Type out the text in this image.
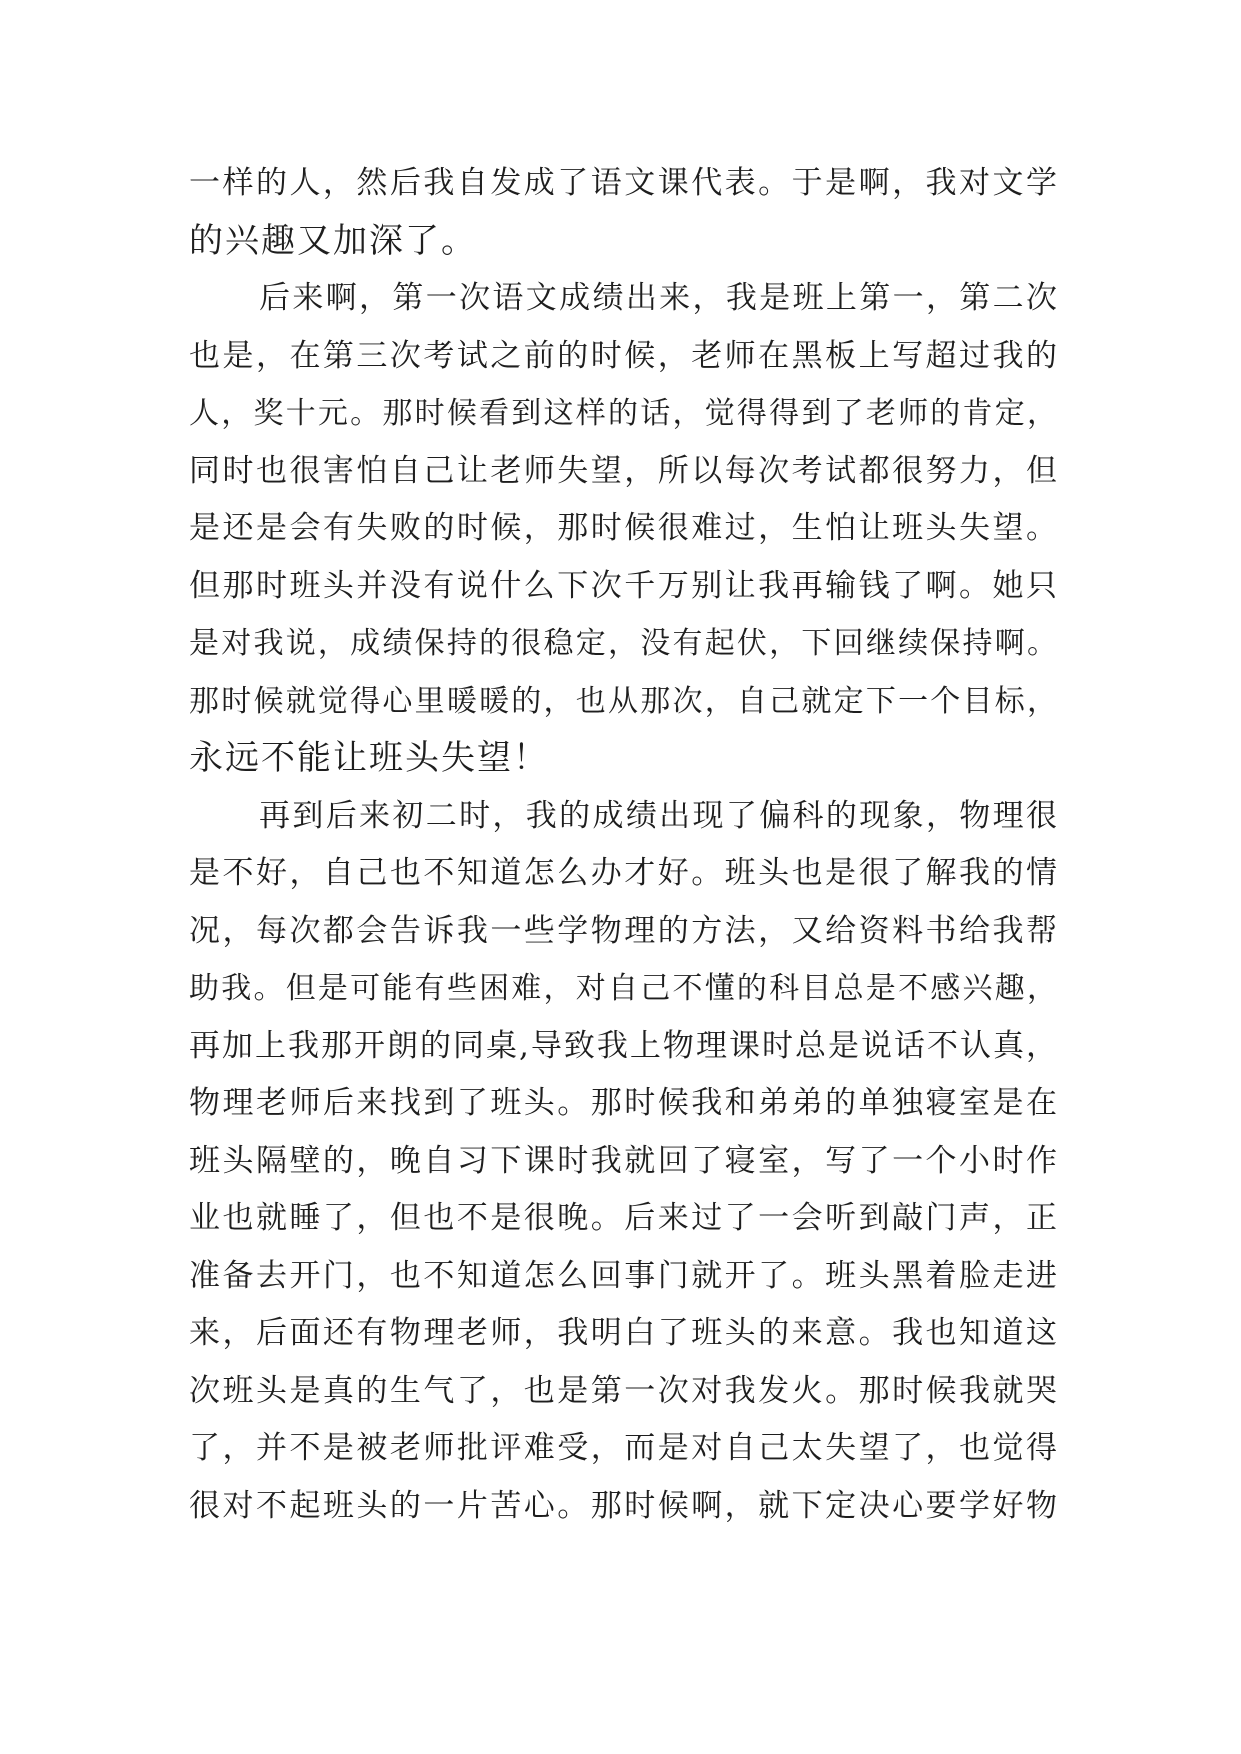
一样的人，然后我自发成了语文课代表。于是啊，我对文学
的兴趣又加深了。
后来啊，第一次语文成绩出来，我是班上第一，第二次
也是，在第三次考试之前的时候，老师在黑板上写超过我的
人，奖十元。那时候看到这样的话，觉得得到了老师的肯定，
同时也很害怕自己让老师失望，所以每次考试都很努力，但
是还是会有失败的时候，那时候很难过，生怕让班头失望。
但那时班头并没有说什么下次千万别让我再输钱了啊。她只
是对我说，成绩保持的很稳定，没有起伏，下回继续保持啊。
那时候就觉得心里暖暖的，也从那次，自己就定下一个目标，
永远不能让班头失望！
再到后来初二时，我的成绩出现了偏科的现象，物理很
是不好，自己也不知道怎么办才好。班头也是很了解我的情
况，每次都会告诉我一些学物理的方法，又给资料书给我帮
助我。但是可能有些困难，对自己不懂的科目总是不感兴趣，
再加上我那开朗的同桌,导致我上物理课时总是说话不认真，
物理老师后来找到了班头。那时候我和弟弟的单独寝室是在
班头隔壁的，晚自习下课时我就回了寝室，写了一个小时作
业也就睡了，但也不是很晚。后来过了一会听到敲门声，正
准备去开门，也不知道怎么回事门就开了。班头黑着脸走进
来，后面还有物理老师，我明白了班头的来意。我也知道这
次班头是真的生气了，也是第一次对我发火。那时候我就哭
了，并不是被老师批评难受，而是对自己太失望了，也觉得
很对不起班头的一片苦心。那时候啊，就下定决心要学好物
